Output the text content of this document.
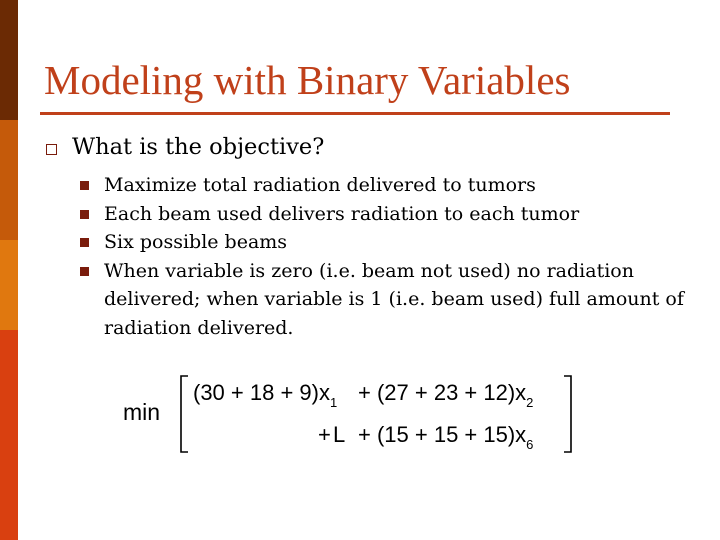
Modeling with Binary Variables
What is the objective?
Maximize total radiation delivered to tumors
Each beam used delivers radiation to each tumor
Six possible beams
When variable is zero (i.e. beam not used) no radiation delivered; when variable is 1 (i.e. beam used) full amount of radiation delivered.
min
$(30 + 18 + 9)x_1 + (27 + 23 + 12)x_2$
+ $L + (15 + 15 + 15)x_6$
